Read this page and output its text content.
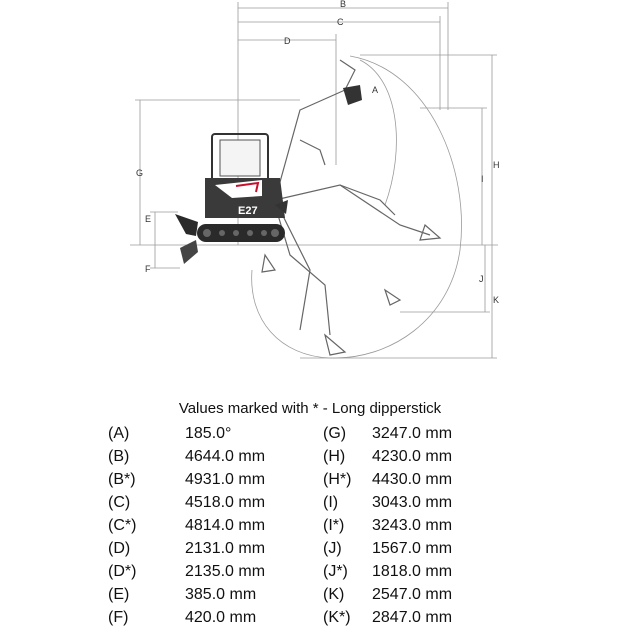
E27
B
C
D
A
G
E
F
H
I
J
K
Values marked with * - Long dipperstick
(A)	185.0°
(B)	4644.0 mm
(B*)	4931.0 mm
(C)	4518.0 mm
(C*)	4814.0 mm
(D)	2131.0 mm
(D*)	2135.0 mm
(E)	385.0 mm
(F)	420.0 mm
(G) 3247.0 mm
(H) 4230.0 mm
(H*) 4430.0 mm
(I) 3043.0 mm
(I*) 3243.0 mm
(J) 1567.0 mm
(J*) 1818.0 mm
(K) 2547.0 mm
(K*) 2847.0 mm
